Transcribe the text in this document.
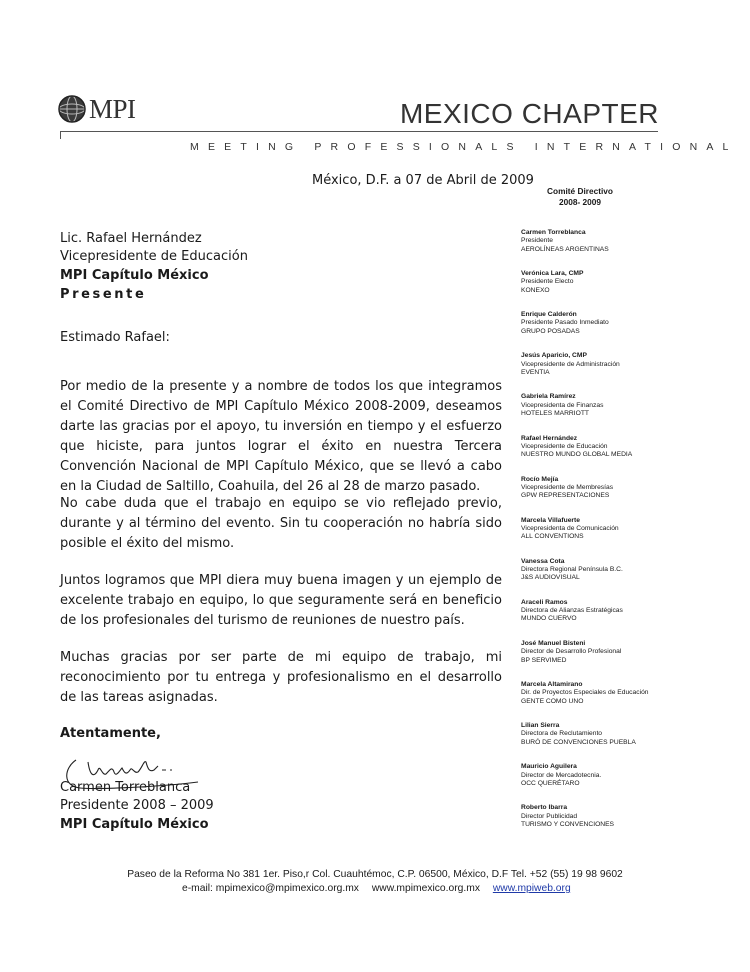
MPI	MEXICO CHAPTER
MEETING PROFESSIONALS INTERNATIONAL
México, D.F. a 07 de Abril de 2009
Lic. Rafael Hernández
Vicepresidente de Educación
MPI Capítulo México
Presente
Estimado Rafael:
Por medio de la presente y a nombre de todos los que integramos el Comité Directivo de MPI Capítulo México 2008-2009, deseamos darte las gracias por el apoyo, tu inversión en tiempo y el esfuerzo que hiciste, para juntos lograr el éxito en nuestra Tercera Convención Nacional de MPI Capítulo México, que se llevó a cabo en la Ciudad de Saltillo, Coahuila, del 26 al 28 de marzo pasado.
No cabe duda que el trabajo en equipo se vio reflejado previo, durante y al término del evento. Sin tu cooperación no habría sido posible el éxito del mismo.
Juntos logramos que MPI diera muy buena imagen y un ejemplo de excelente trabajo en equipo, lo que seguramente será en beneficio de los profesionales del turismo de reuniones de nuestro país.
Muchas gracias por ser parte de mi equipo de trabajo, mi reconocimiento por tu entrega y profesionalismo en el desarrollo de las tareas asignadas.
Atentamente,
Carmen Torreblanca
Presidente 2008 – 2009
MPI Capítulo México
Comité Directivo
2008- 2009
Carmen Torreblanca
Presidente
AEROLÍNEAS ARGENTINAS
Verónica Lara, CMP
Presidente Electo
KONEXO
Enrique Calderón
Presidente Pasado Inmediato
GRUPO POSADAS
Jesús Aparicio, CMP
Vicepresidente de Administración
EVENTIA
Gabriela Ramírez
Vicepresidenta de Finanzas
HOTELES MARRIOTT
Rafael Hernández
Vicepresidente de Educación
NUESTRO MUNDO GLOBAL MEDIA
Rocío Mejía
Vicepresidente de Membresías
GPW REPRESENTACIONES
Marcela Villafuerte
Vicepresidenta de Comunicación
ALL CONVENTIONS
Vanessa Cota
Directora Regional Península B.C.
J&S AUDIOVISUAL
Araceli Ramos
Directora de Alianzas Estratégicas
MUNDO CUERVO
José Manuel Bisteni
Director de Desarrollo Profesional
BP SERVIMED
Marcela Altamirano
Dir. de Proyectos Especiales de Educación
GENTE COMO UNO
Lilian Sierra
Directora de Reclutamiento
BURÓ DE CONVENCIONES PUEBLA
Mauricio Aguilera
Director de Mercadotecnia.
OCC QUERÉTARO
Roberto Ibarra
Director Publicidad
TURISMO Y CONVENCIONES
Paseo de la Reforma No 381 1er. Piso,r Col. Cuauhtémoc, C.P. 06500, México, D.F Tel. +52 (55) 19 98 9602
e-mail: mpimexico@mpimexico.org.mx www.mpimexico.org.mx www.mpiweb.org
